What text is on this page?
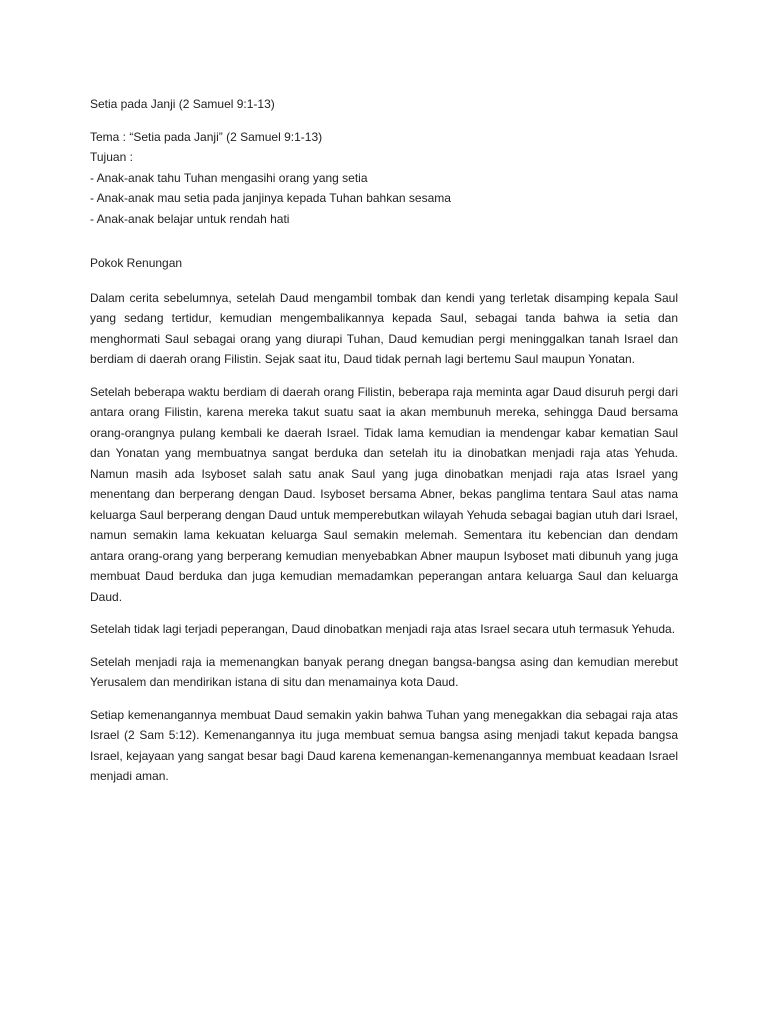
Setia pada Janji (2 Samuel 9:1-13)

Tema : “Setia pada Janji” (2 Samuel 9:1-13)

Tujuan :

- Anak-anak tahu Tuhan mengasihi orang yang setia

- Anak-anak mau setia pada janjinya kepada Tuhan bahkan sesama

- Anak-anak belajar untuk rendah hati

Pokok Renungan

Dalam cerita sebelumnya, setelah Daud mengambil tombak dan kendi yang terletak disamping kepala Saul yang sedang tertidur, kemudian mengembalikannya kepada Saul, sebagai tanda bahwa ia setia dan menghormati Saul sebagai orang yang diurapi Tuhan, Daud kemudian pergi meninggalkan tanah Israel dan berdiam di daerah orang Filistin. Sejak saat itu, Daud tidak pernah lagi bertemu Saul maupun Yonatan.

Setelah beberapa waktu berdiam di daerah orang Filistin, beberapa raja meminta agar Daud disuruh pergi dari antara orang Filistin, karena mereka takut suatu saat ia akan membunuh mereka, sehingga Daud bersama orang-orangnya pulang kembali ke daerah Israel. Tidak lama kemudian ia mendengar kabar kematian Saul dan Yonatan yang membuatnya sangat berduka dan setelah itu ia dinobatkan menjadi raja atas Yehuda. Namun masih ada Isyboset salah satu anak Saul yang juga dinobatkan menjadi raja atas Israel yang menentang dan berperang dengan Daud. Isyboset bersama Abner, bekas panglima tentara Saul atas nama keluarga Saul berperang dengan Daud untuk memperebutkan wilayah Yehuda sebagai bagian utuh dari Israel, namun semakin lama kekuatan keluarga Saul semakin melemah. Sementara itu kebencian dan dendam antara orang-orang yang berperang kemudian menyebabkan Abner maupun Isyboset mati dibunuh yang juga membuat Daud berduka dan juga kemudian memadamkan peperangan antara keluarga Saul dan keluarga Daud.

Setelah tidak lagi terjadi peperangan, Daud dinobatkan menjadi raja atas Israel secara utuh termasuk Yehuda.

Setelah menjadi raja ia memenangkan banyak perang dnegan bangsa-bangsa asing dan kemudian merebut Yerusalem dan mendirikan istana di situ dan menamainya kota Daud.

Setiap kemenangannya membuat Daud semakin yakin bahwa Tuhan yang menegakkan dia sebagai raja atas Israel (2 Sam 5:12). Kemenangannya itu juga membuat semua bangsa asing menjadi takut kepada bangsa Israel, kejayaan yang sangat besar bagi Daud karena kemenangan-kemenangannya membuat keadaan Israel menjadi aman.
